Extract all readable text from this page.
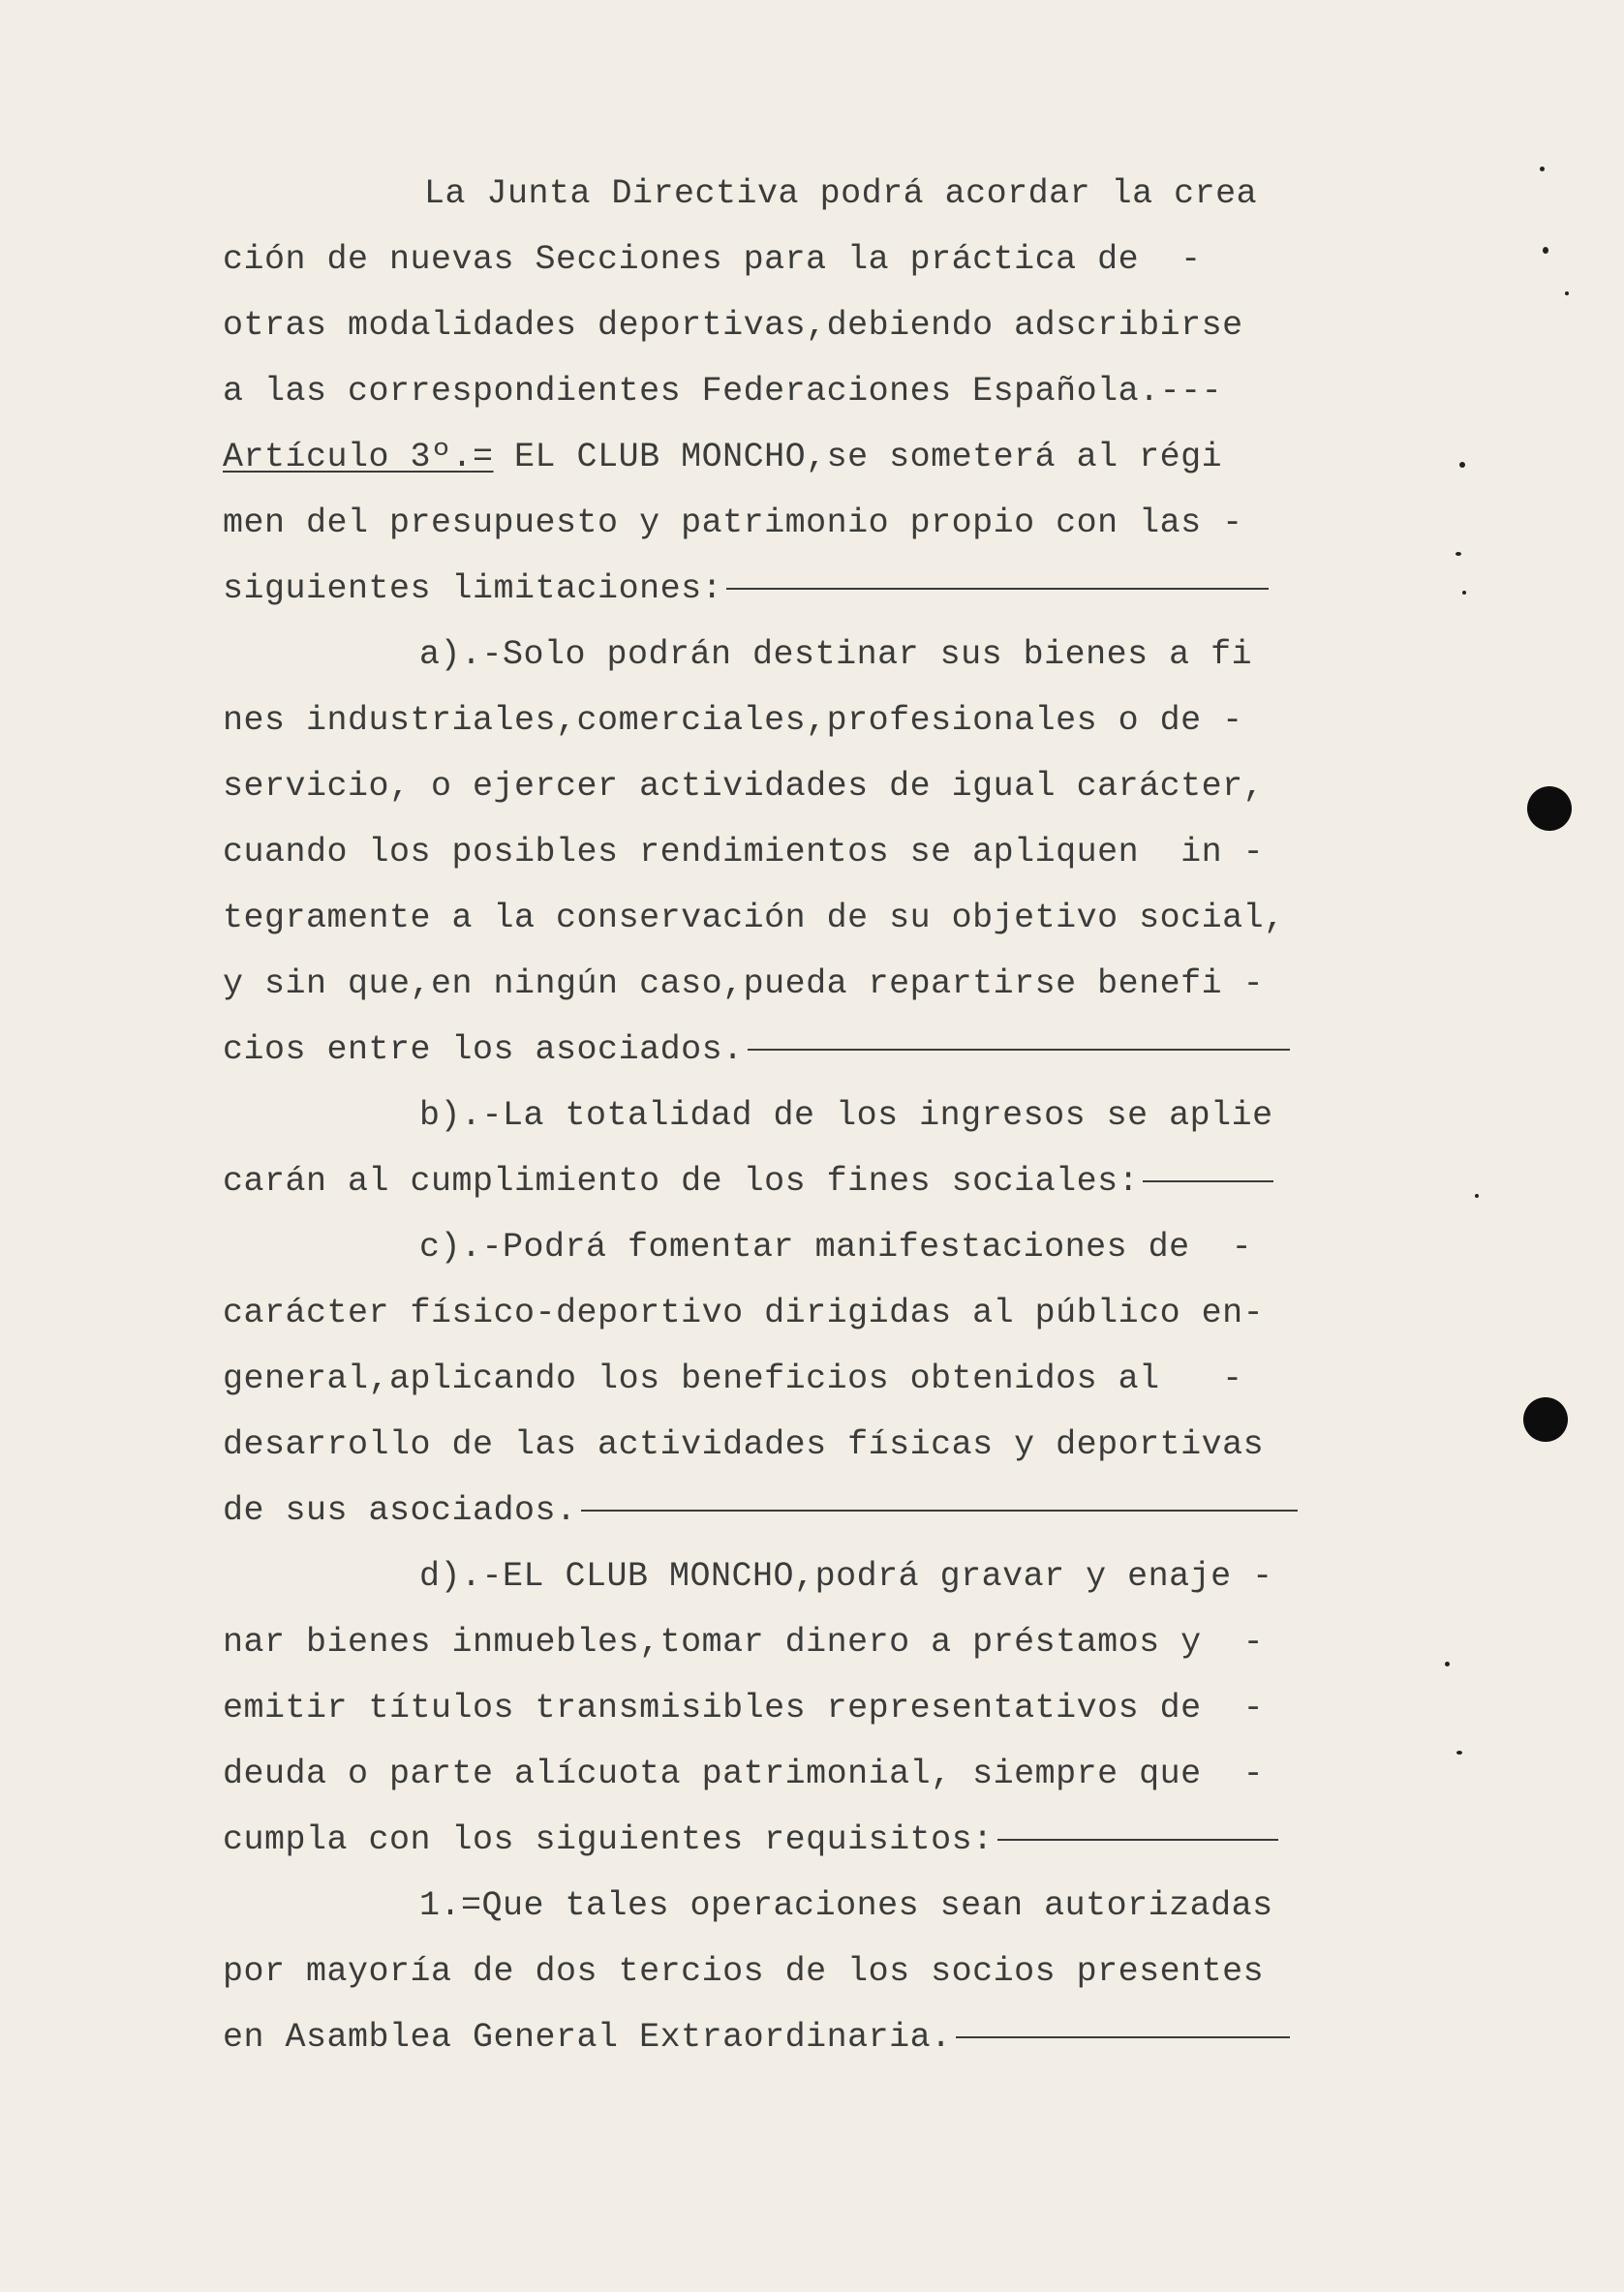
La Junta Directiva podrá acordar la crea
ción de nuevas Secciones para la práctica de  -
otras modalidades deportivas,debiendo adscribirse
a las correspondientes Federaciones Española.---
Artículo 3º.= EL CLUB MONCHO,se someterá al régi
men del presupuesto y patrimonio propio con las -
siguientes limitaciones:
a).-Solo podrán destinar sus bienes a fi
nes industriales,comerciales,profesionales o de -
servicio, o ejercer actividades de igual carácter,
cuando los posibles rendimientos se apliquen  in -
tegramente a la conservación de su objetivo social,
y sin que,en ningún caso,pueda repartirse benefi -
cios entre los asociados.
b).-La totalidad de los ingresos se aplie
carán al cumplimiento de los fines sociales:
c).-Podrá fomentar manifestaciones de  -
carácter físico-deportivo dirigidas al público en-
general,aplicando los beneficios obtenidos al   -
desarrollo de las actividades físicas y deportivas
de sus asociados.
d).-EL CLUB MONCHO,podrá gravar y enaje -
nar bienes inmuebles,tomar dinero a préstamos y  -
emitir títulos transmisibles representativos de  -
deuda o parte alícuota patrimonial, siempre que  -
cumpla con los siguientes requisitos:
1.=Que tales operaciones sean autorizadas
por mayoría de dos tercios de los socios presentes
en Asamblea General Extraordinaria.
